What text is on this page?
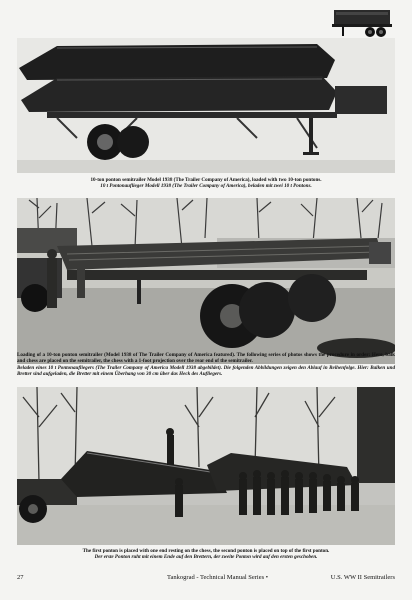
10-ton ponton semitrailer Model 1938 (The Trailer Company of America), loaded with two 10-ton pontons.
10 t Pontonauflieger Modell 1938 (The Trailer Company of America), beladen mit zwei 10 t Pontons.
Loading of a 10-ton ponton semitrailer (Model 1938 of The Trailer Company of America featured). The following series of photos shows the procedure in order: Here, balk and chess are placed on the semitrailer, the chess with a 1-foot projection over the rear end of the semitrailer.
Beladen eines 10 t Pontonaufliegers (The Trailer Company of America Modell 1938 abgebildet). Die folgenden Abbildungen zeigen den Ablauf in Reihenfolge. Hier: Balken und Bretter sind aufgeladen, die Bretter mit einem Überhang von 30 cm über das Heck des Aufliegers.
The first ponton is placed with one end resting on the chess, the second ponton is placed on top of the first ponton.
Der erste Ponton ruht mit einem Ende auf den Brettern, der zweite Ponton wird auf den ersten geschoben.
27	Tankograd - Technical Manual Series •	U.S. WW II Semitrailers
